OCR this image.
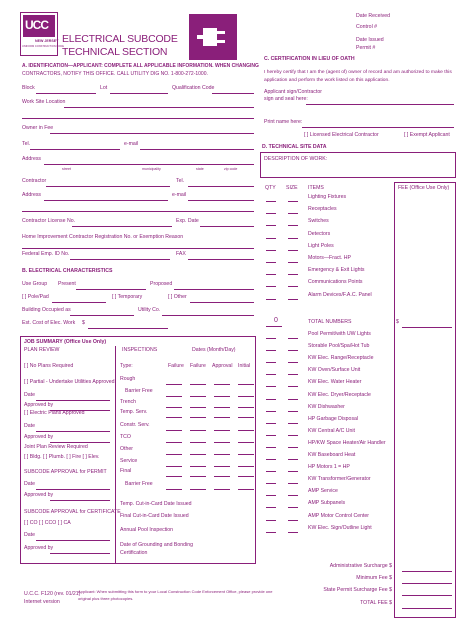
UCC
NEW JERSEY
UNIFORM CONSTRUCTION CODE
ELECTRICAL SUBCODE
TECHNICAL SECTION
Date Received
Control #
Date Issued
Permit #
A. IDENTIFICATION—APPLICANT: COMPLETE ALL APPLICABLE INFORMATION. WHEN CHANGING
CONTRACTORS, NOTIFY THIS OFFICE. CALL UTILITY DIG NO. 1-800-272-1000.
Block	Lot	Qualification Code
Work Site Location
Owner in Fee
Tel.	e-mail
Address
street	municipality	state	zip code
Contractor	Tel.
Address	e-mail
Contractor License No.	Exp. Date
Home Improvement Contractor Registration No. or Exemption Reason
Federal Emp. ID No.	FAX
B. ELECTRICAL CHARACTERISTICS
Use Group Present	Proposed
[ ] Pole/Pad	[ ] Temporary	[ ] Other
Building Occupied as	Utility Co.
Est. Cost of Elec. Work $
JOB SUMMARY (Office Use Only)
PLAN REVIEW	INSPECTIONS	Dates (Month/Day)
Type:	Failure Failure Approval Initial
[ ] No Plans Required
[ ] Partial - Undertake Utilities Approved
Date
Approved by
[ ] Electric Plans Approved
Date
Approved by
Joint Plan Review Required
[ ] Bldg. [ ] Plumb. [ ] Fire [ ] Elev.
SUBCODE APPROVAL for PERMIT
Date
Approved by
SUBCODE APPROVAL for CERTIFICATE
[ ] CO [ ] CCO [ ] CA
Date
Approved by
Rough
Barrier Free
Trench
Temp. Serv.
Constr. Serv.
TCO
Other
Service
Final
Barrier Free
Temp. Cut-in-Card Date Issued
Final Cut-in-Card Date Issued
Annual Pool Inspection
Date of Grounding and Bonding
Certification
C. CERTIFICATION IN LIEU OF OATH
I hereby certify that I am the (agent of) owner of record and am authorized to make this
application and perform the work listed on this application.
Applicant sign/Contractor
sign and seal here:
Print name here:
[ ] Licensed Electrical Contractor	[ ] Exempt Applicant
D. TECHNICAL SITE DATA
DESCRIPTION OF WORK:
QTY SIZE ITEMS	FEE (Office Use Only)
Lighting Fixtures
Receptacles
Switches
Detectors
Light Poles
Motors—Fract. HP
Emergency & Exit Lights
Communications Points
Alarm Devices/F.A.C. Panel
0	TOTAL NUMBERS	$
Pool Permit/with UW Lights
Storable Pool/Spa/Hot Tub
KW Elec. Range/Receptacle
KW Oven/Surface Unit
KW Elec. Water Heater
KW Elec. Dryer/Receptacle
KW Dishwasher
HP Garbage Disposal
KW Central A/C Unit
HP/KW Space Heater/Air Handler
KW Baseboard Heat
HP Motors 1 = HP
KW Transformer/Generator
AMP Service
AMP Subpanels
AMP Motor Control Center
KW Elec. Sign/Outline Light
Administrative Surcharge $
Minimum Fee $
State Permit Surcharge Fee $
TOTAL FEE $
U.C.C. F120 (rev. 01/21)
Internet version
Applicant: When submitting this form to your Local Construction Code Enforcement Office, please provide one
original plus three photocopies.
